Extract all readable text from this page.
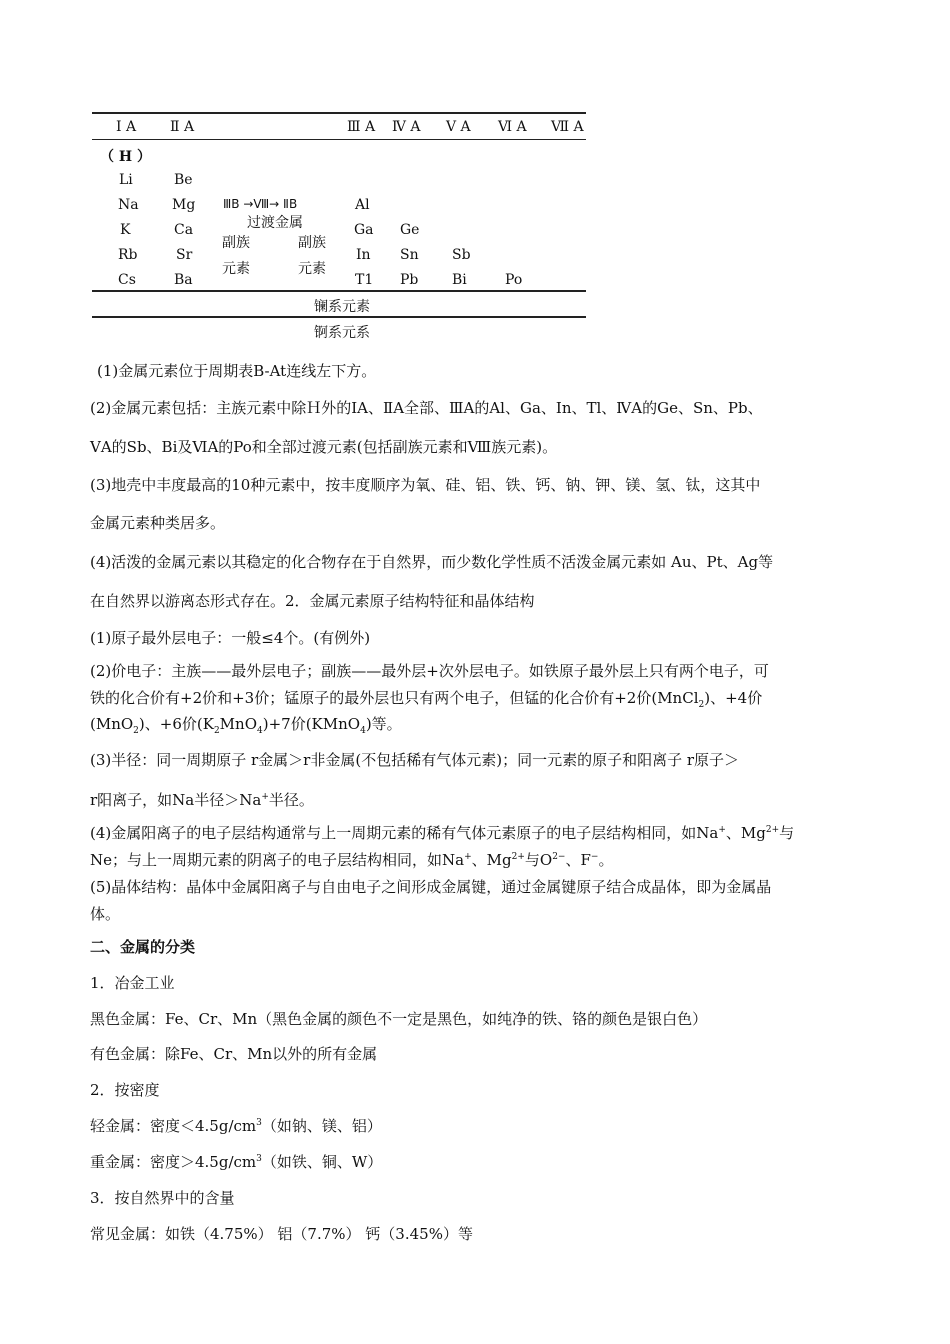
Ⅰ A Ⅱ A	Ⅲ A Ⅳ A Ⅴ A Ⅵ A Ⅶ A
（ H ）
Li
Na
K
Rb
Cs
Be
Mg
Ca
Sr
Ba
ⅢB →Ⅷ→ ⅡB
过渡金属
副族
元素
副族
元素
Al
Ga
In
T1
Ge
Sn
Pb
Sb
Bi	Po
镧系元素
锕系元系
(1)金属元素位于周期表B-At连线左下方。
(2)金属元素包括：主族元素中除Ｈ外的ⅠA、ⅡA全部、ⅢA的Al、Ga、In、Tl、ⅣA的Ge、Sn、Pb、
ⅤA的Sb、Bi及ⅥA的Po和全部过渡元素(包括副族元素和Ⅷ族元素)。
(3)地壳中丰度最高的10种元素中，按丰度顺序为氧、硅、铝、铁、钙、钠、钾、镁、氢、钛，这其中
金属元素种类居多。
(4)活泼的金属元素以其稳定的化合物存在于自然界，而少数化学性质不活泼金属元素如 Au、Pt、Ag等
在自然界以游离态形式存在。2．金属元素原子结构特征和晶体结构
(1)原子最外层电子：一般≤4个。(有例外)
(2)价电子：主族——最外层电子；副族——最外层+次外层电子。如铁原子最外层上只有两个电子，可
铁的化合价有+2价和+3价；锰原子的最外层也只有两个电子，但锰的化合价有+2价(MnCl$_2$)、+4价
(MnO$_2$)、+6价$(K_2MnO_4)+7$价(KMnO$_4$)等。
(3)半径：同一周期原子 r金属＞r非金属(不包括稀有气体元素)；同一元素的原子和阳离子 r原子＞
r阳离子，如Na半径＞Na+半径。
(4)金属阳离子的电子层结构通常与上一周期元素的稀有气体元素原子的电子层结构相同，如Na+、$Mg^{2+}$与
Ne；与上一周期元素的阴离子的电子层结构相同，如Na+、$Mg^{2+}$与$O^{2-}$、F−。
(5)晶体结构：晶体中金属阳离子与自由电子之间形成金属键，通过金属键原子结合成晶体，即为金属晶
体。
二、金属的分类
1．冶金工业
黑色金属：Fe、Cr、Mn（黑色金属的颜色不一定是黑色，如纯净的铁、铬的颜色是银白色）
有色金属：除Fe、Cr、Mn以外的所有金属
2．按密度
轻金属：密度$<4.5g/cm^3$（如钠、镁、铝）
重金属：密度$>4.5g/cm^3$（如铁、铜、W）
3．按自然界中的含量
常见金属：如铁（4.75%） 铝（7.7%） 钙（3.45%）等
